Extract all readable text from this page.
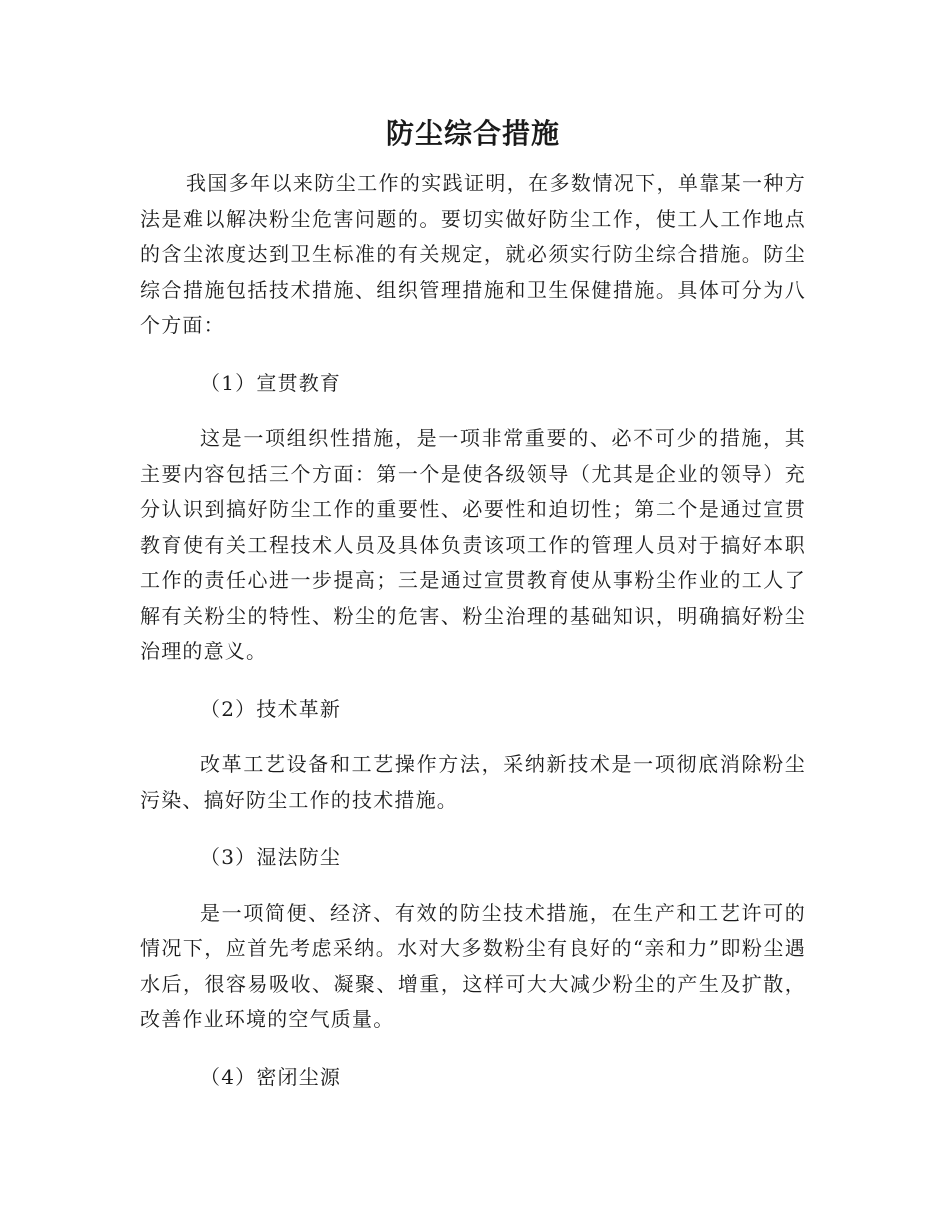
防尘综合措施

我国多年以来防尘工作的实践证明，在多数情况下，单靠某一种方法是难以解决粉尘危害问题的。要切实做好防尘工作，使工人工作地点的含尘浓度达到卫生标准的有关规定，就必须实行防尘综合措施。防尘综合措施包括技术措施、组织管理措施和卫生保健措施。具体可分为八个方面：

（1）宣贯教育

这是一项组织性措施，是一项非常重要的、必不可少的措施，其主要内容包括三个方面：第一个是使各级领导（尤其是企业的领导）充分认识到搞好防尘工作的重要性、必要性和迫切性；第二个是通过宣贯教育使有关工程技术人员及具体负责该项工作的管理人员对于搞好本职工作的责任心进一步提高；三是通过宣贯教育使从事粉尘作业的工人了解有关粉尘的特性、粉尘的危害、粉尘治理的基础知识，明确搞好粉尘治理的意义。

（2）技术革新

改革工艺设备和工艺操作方法，采纳新技术是一项彻底消除粉尘污染、搞好防尘工作的技术措施。

（3）湿法防尘

是一项简便、经济、有效的防尘技术措施，在生产和工艺许可的情况下，应首先考虑采纳。水对大多数粉尘有良好的“亲和力”即粉尘遇水后，很容易吸收、凝聚、增重，这样可大大减少粉尘的产生及扩散，改善作业环境的空气质量。

（4）密闭尘源
